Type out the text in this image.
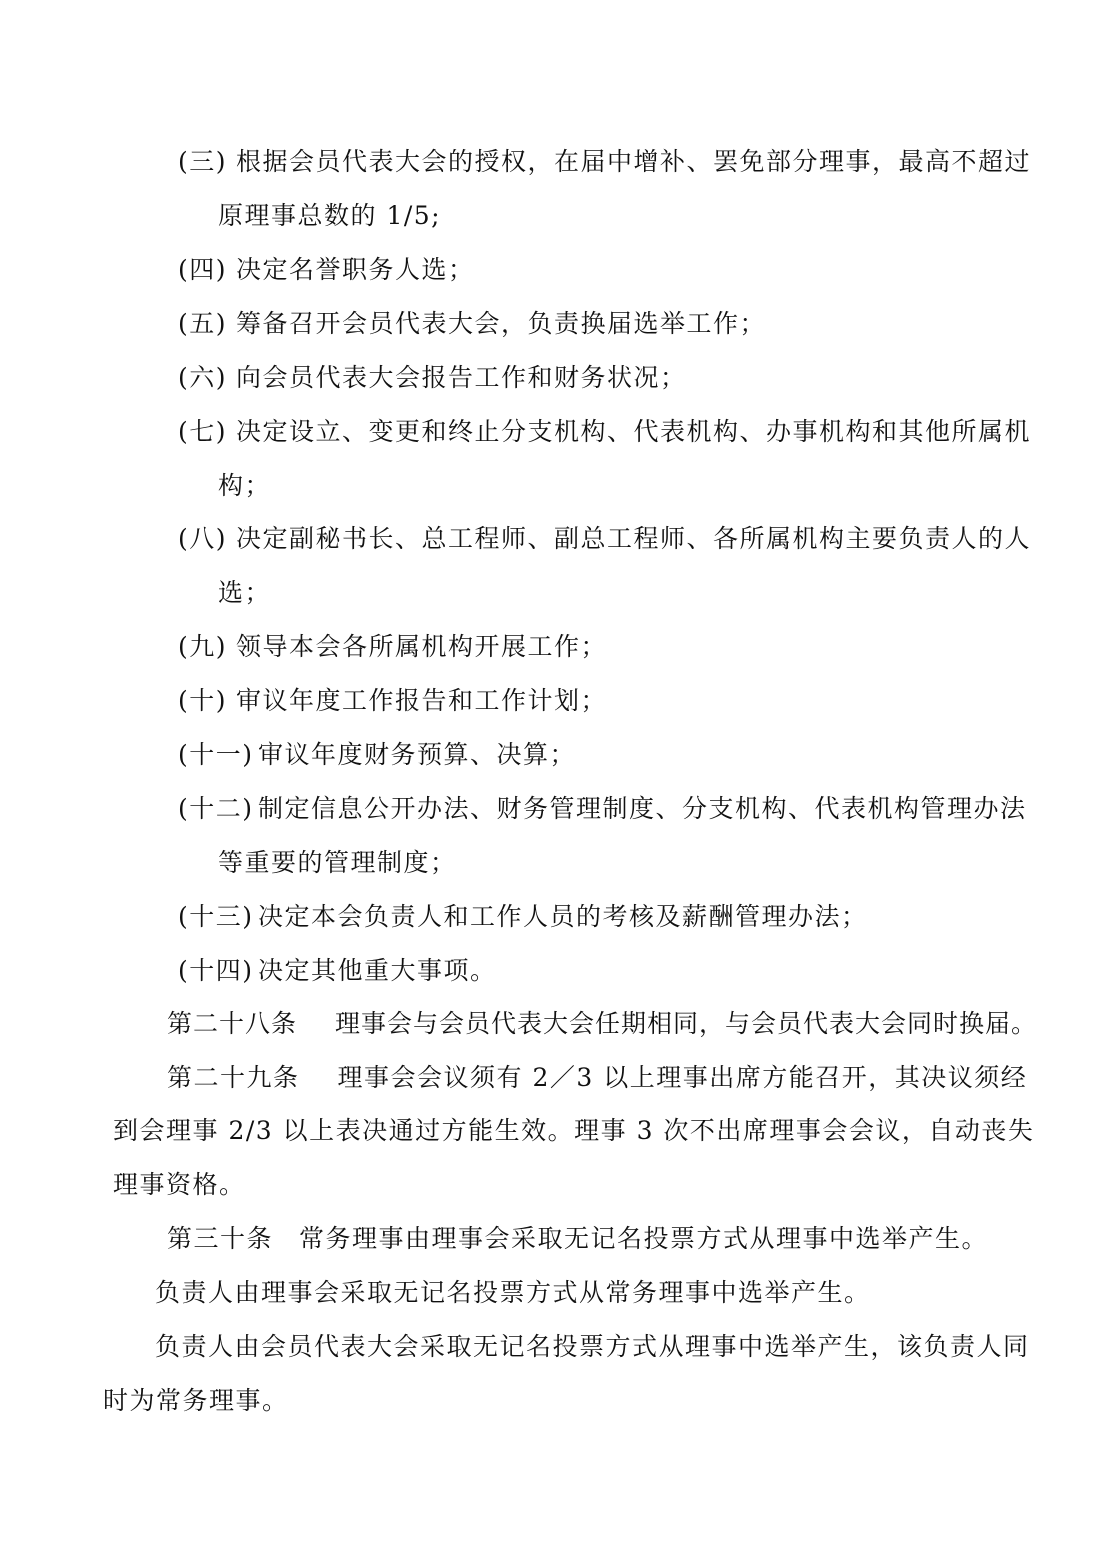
(三) 根据会员代表大会的授权，在届中增补、罢免部分理事，最高不超过
原理事总数的 1/5;
(四) 决定名誉职务人选；
(五) 筹备召开会员代表大会，负责换届选举工作；
(六) 向会员代表大会报告工作和财务状况；
(七) 决定设立、变更和终止分支机构、代表机构、办事机构和其他所属机
构；
(八) 决定副秘书长、总工程师、副总工程师、各所属机构主要负责人的人
选；
(九) 领导本会各所属机构开展工作；
(十) 审议年度工作报告和工作计划；
(十一) 审议年度财务预算、决算；
(十二) 制定信息公开办法、财务管理制度、分支机构、代表机构管理办法
等重要的管理制度；
(十三) 决定本会负责人和工作人员的考核及薪酬管理办法；
(十四) 决定其他重大事项。
第二十八条 理事会与会员代表大会任期相同，与会员代表大会同时换届。
第二十九条 理事会会议须有 2／3 以上理事出席方能召开，其决议须经
到会理事 2/3 以上表决通过方能生效。理事 3 次不出席理事会会议，自动丧失
理事资格。
第三十条 常务理事由理事会采取无记名投票方式从理事中选举产生。
负责人由理事会采取无记名投票方式从常务理事中选举产生。
负责人由会员代表大会采取无记名投票方式从理事中选举产生，该负责人同
时为常务理事。
